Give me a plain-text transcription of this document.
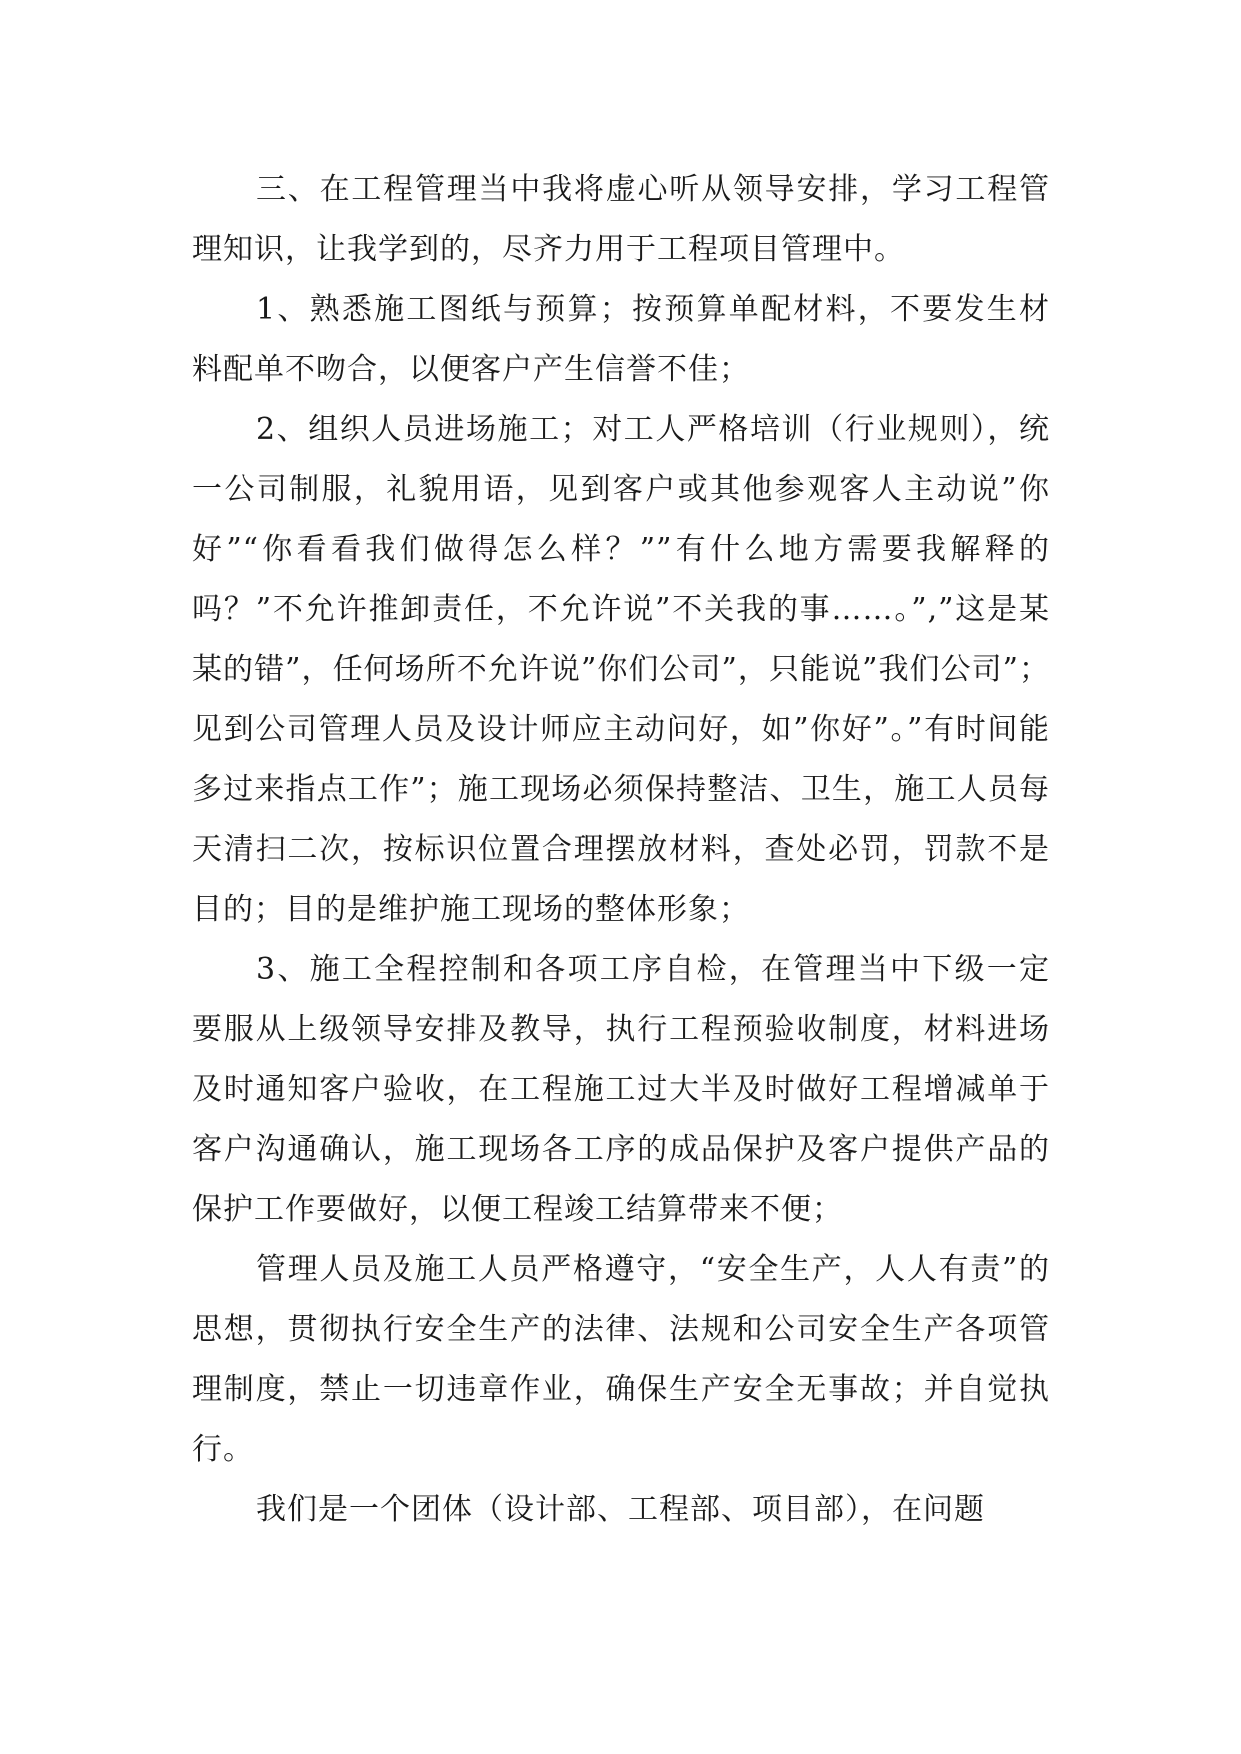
三、在工程管理当中我将虚心听从领导安排，学习工程管理知识，让我学到的，尽齐力用于工程项目管理中。

1、熟悉施工图纸与预算；按预算单配材料，不要发生材料配单不吻合，以便客户产生信誉不佳；

2、组织人员进场施工；对工人严格培训（行业规则），统一公司制服，礼貌用语，见到客户或其他参观客人主动说”你好”“你看看我们做得怎么样？””有什么地方需要我解释的吗？”不允许推卸责任，不允许说”不关我的事……。”,”这是某某的错”，任何场所不允许说”你们公司”，只能说”我们公司”；见到公司管理人员及设计师应主动问好，如”你好”。”有时间能多过来指点工作”；施工现场必须保持整洁、卫生，施工人员每天清扫二次，按标识位置合理摆放材料，查处必罚，罚款不是目的；目的是维护施工现场的整体形象；

3、施工全程控制和各项工序自检，在管理当中下级一定要服从上级领导安排及教导，执行工程预验收制度，材料进场及时通知客户验收，在工程施工过大半及时做好工程增减单于客户沟通确认，施工现场各工序的成品保护及客户提供产品的保护工作要做好，以便工程竣工结算带来不便；

管理人员及施工人员严格遵守，“安全生产，人人有责”的思想，贯彻执行安全生产的法律、法规和公司安全生产各项管理制度，禁止一切违章作业，确保生产安全无事故；并自觉执行。

我们是一个团体（设计部、工程部、项目部），在问题
